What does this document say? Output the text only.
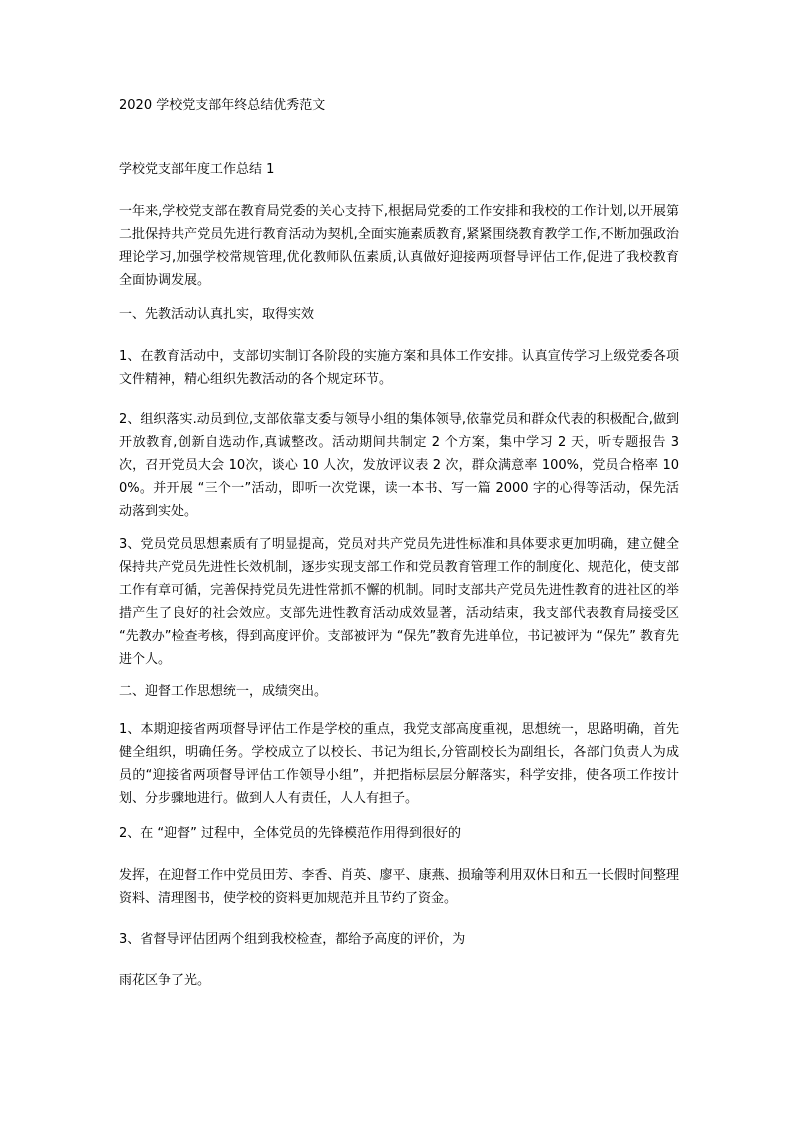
2020 学校党支部年终总结优秀范文
学校党支部年度工作总结 1

一年来,学校党支部在教育局党委的关心支持下,根据局党委的工作安排和我校的工作计划,以开展第二批保持共产党员先进行教育活动为契机,全面实施素质教育,紧紧围绕教育教学工作,不断加强政治理论学习,加强学校常规管理,优化教师队伍素质,认真做好迎接两项督导评估工作,促进了我校教育全面协调发展。

一、先教活动认真扎实，取得实效

1、在教育活动中，支部切实制订各阶段的实施方案和具体工作安排。认真宣传学习上级党委各项文件精神，精心组织先教活动的各个规定环节。

2、组织落实.动员到位,支部依靠支委与领导小组的集体领导,依靠党员和群众代表的积极配合,做到开放教育,创新自选动作,真诚整改。活动期间共制定 2 个方案，集中学习 2 天，听专题报告 3次，召开党员大会 10次，谈心 10 人次，发放评议表 2 次，群众满意率 100%，党员合格率 100%。并开展 “三个一”活动，即听一次党课，读一本书、写一篇 2000 字的心得等活动，保先活动落到实处。

3、党员党员思想素质有了明显提高，党员对共产党员先进性标准和具体要求更加明确，建立健全保持共产党员先进性长效机制，逐步实现支部工作和党员教育管理工作的制度化、规范化，使支部工作有章可循，完善保持党员先进性常抓不懈的机制。同时支部共产党员先进性教育的进社区的举措产生了良好的社会效应。支部先进性教育活动成效显著，活动结束，我支部代表教育局接受区 “先教办”检查考核，得到高度评价。支部被评为 “保先”教育先进单位，书记被评为 “保先” 教育先进个人。

二、迎督工作思想统一，成绩突出。

1、本期迎接省两项督导评估工作是学校的重点，我党支部高度重视，思想统一，思路明确，首先健全组织，明确任务。学校成立了以校长、书记为组长,分管副校长为副组长，各部门负责人为成员的“迎接省两项督导评估工作领导小组”，并把指标层层分解落实，科学安排，使各项工作按计划、分步骤地进行。做到人人有责任，人人有担子。

2、在 “迎督” 过程中，全体党员的先锋模范作用得到很好的

发挥，在迎督工作中党员田芳、李香、肖英、廖平、康燕、损瑜等利用双休日和五一长假时间整理资料、清理图书，使学校的资料更加规范并且节约了资金。

3、省督导评估团两个组到我校检查，都给予高度的评价，为

雨花区争了光。
